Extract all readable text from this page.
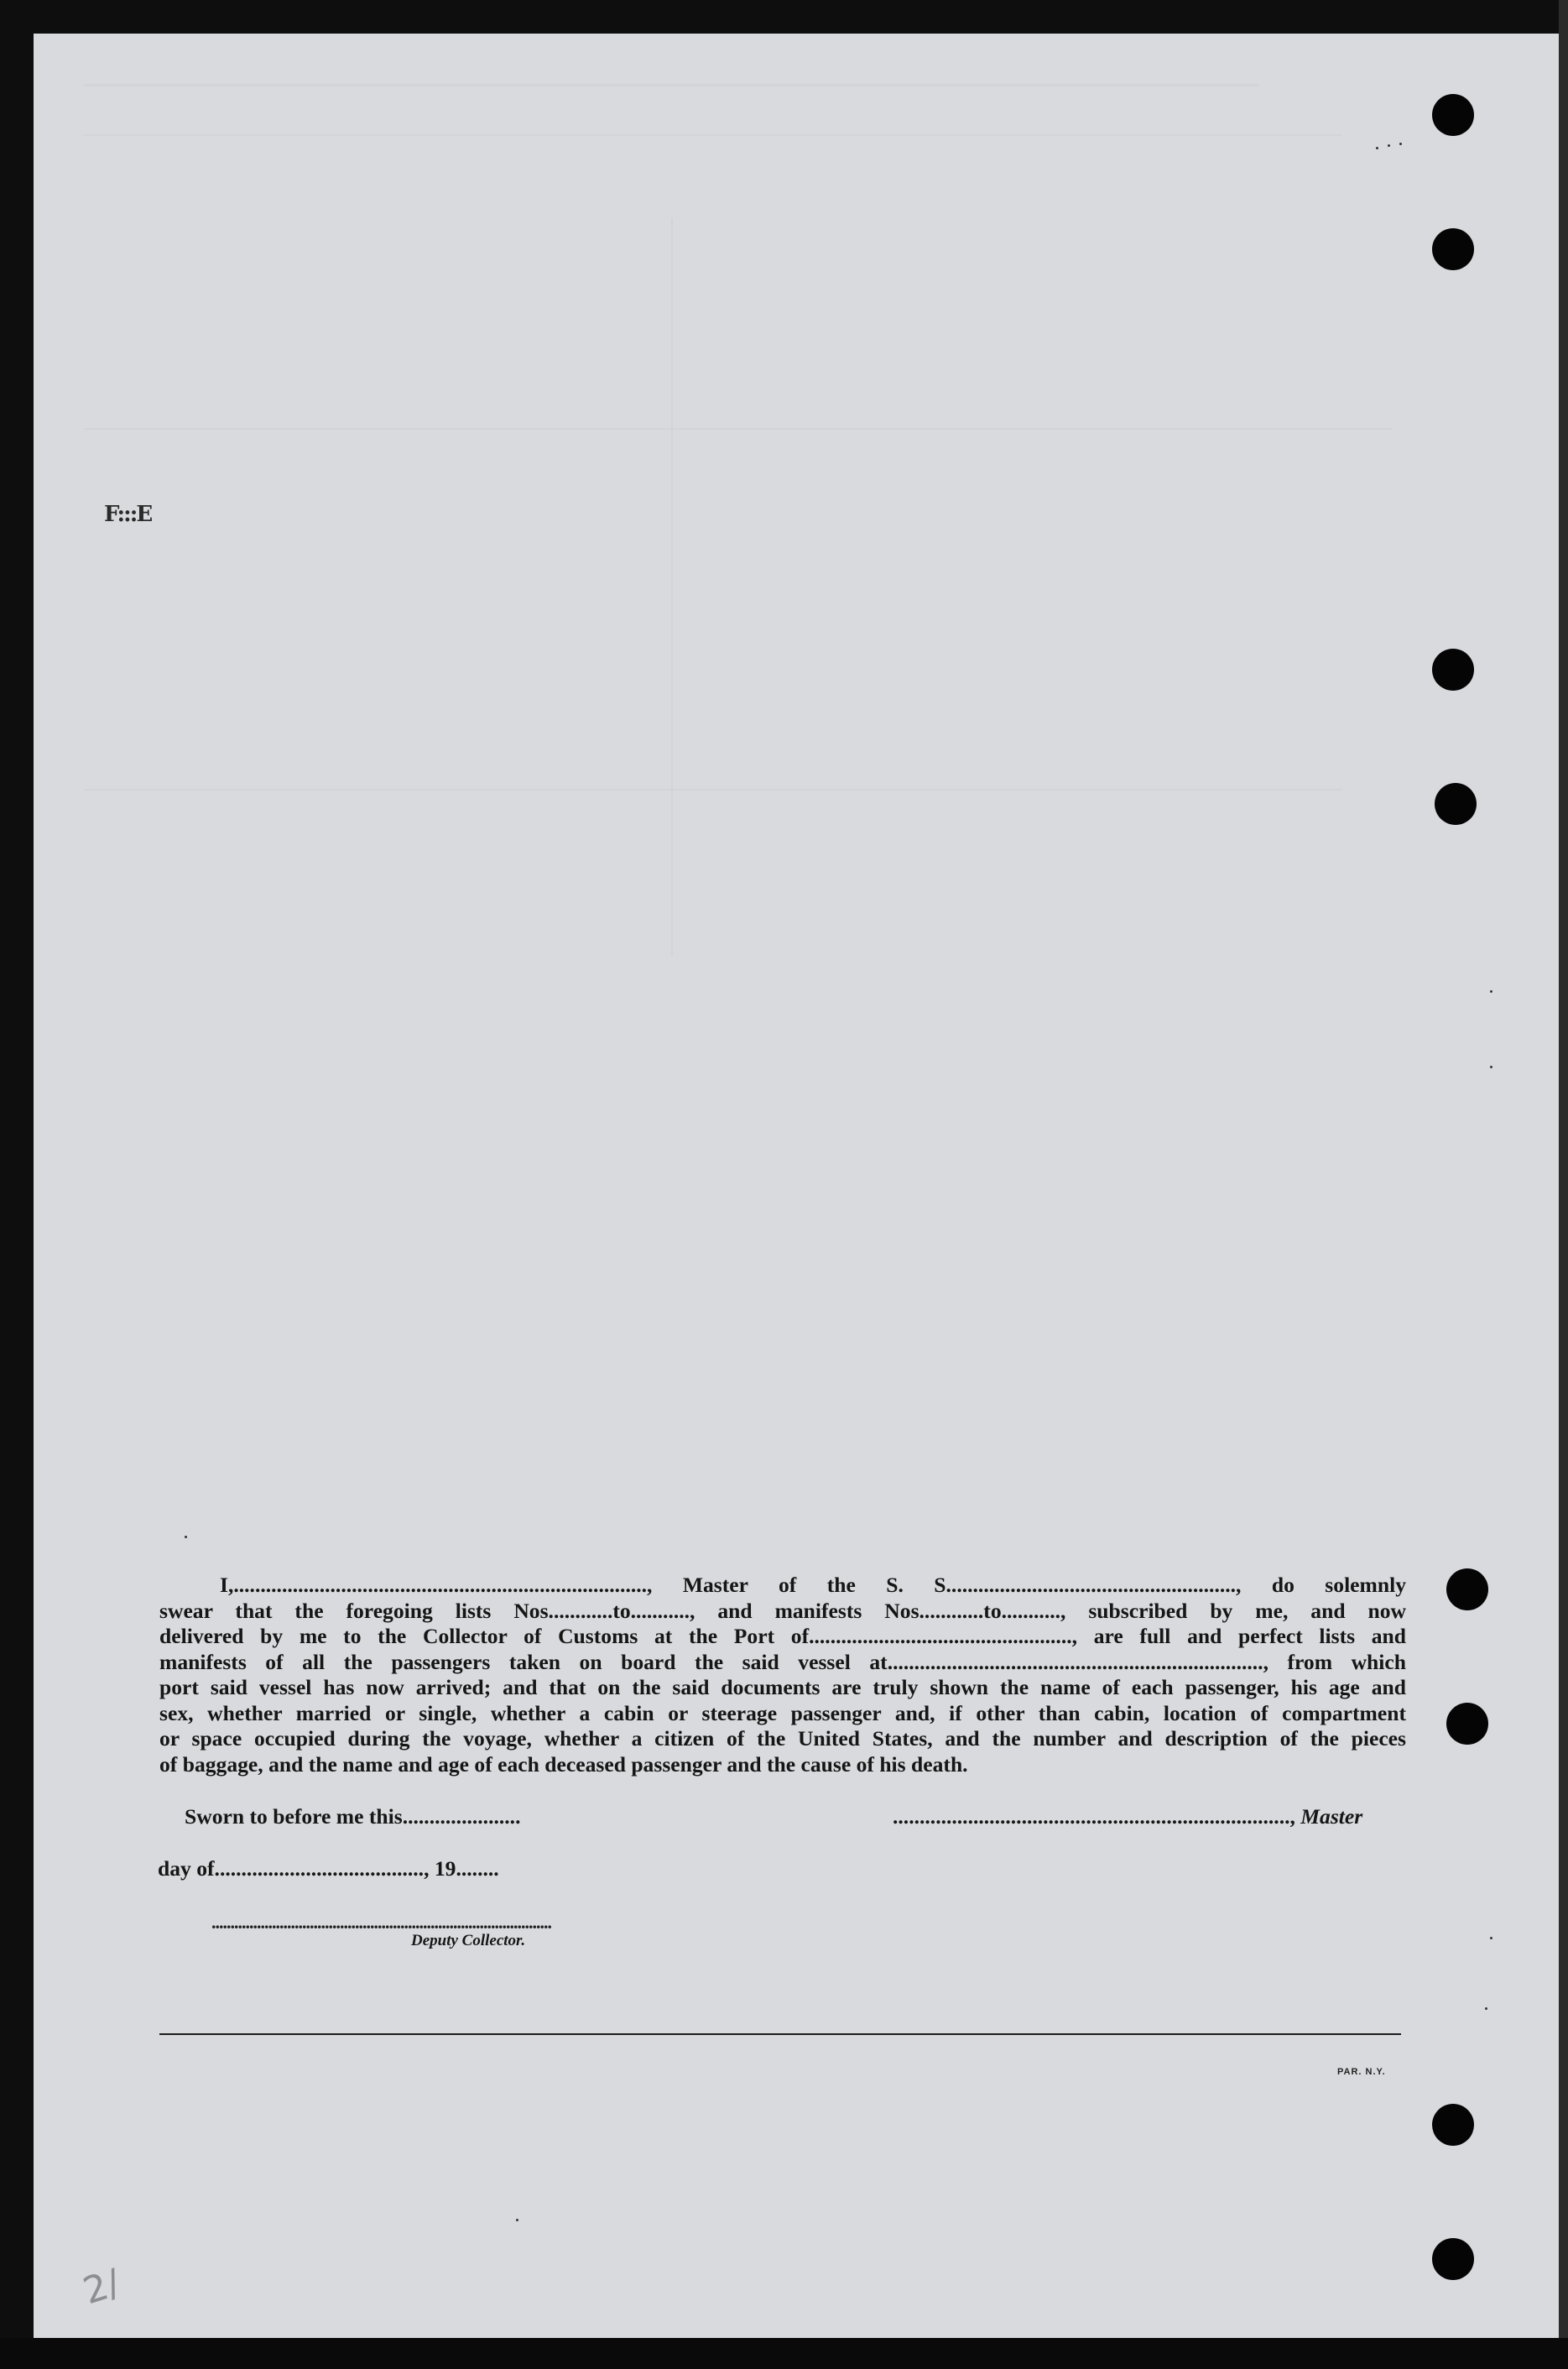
F:::E
I,............................................................................., Master of the S. S......................................................, do solemnly
swear that the foregoing lists Nos............to..........., and manifests Nos............to..........., subscribed by me, and now
delivered by me to the Collector of Customs at the Port of................................................., are full and perfect lists and
manifests of all the passengers taken on board the said vessel at......................................................................, from which
port said vessel has now arrived; and that on the said documents are truly shown the name of each passenger, his age and
sex, whether married or single, whether a cabin or steerage passenger and, if other than cabin, location of compartment
or space occupied during the voyage, whether a citizen of the United States, and the number and description of the pieces
of baggage, and the name and age of each deceased passenger and the cause of his death.
Sworn to before me this......................	.........................................................................., Master
day of......................................., 19........
..........................................................................................
Deputy Collector.
PAR. N.Y.
2/
